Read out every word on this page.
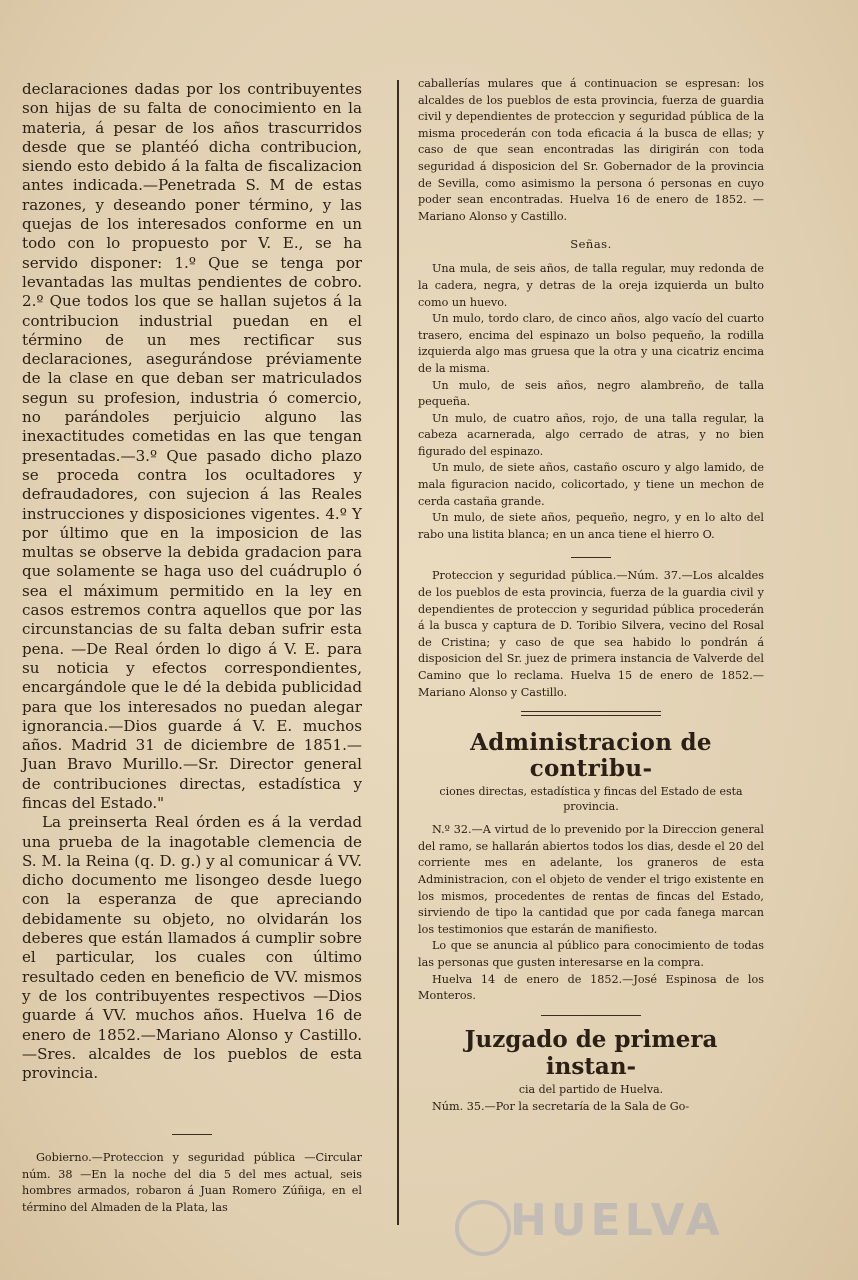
declaraciones dadas por los contribuyentes son hijas de su falta de conocimiento en la materia, á pesar de los años trascurridos desde que se plantéó dicha contribucion, siendo esto debido á la falta de fiscalizacion antes indicada.—Penetrada S. M de estas razones, y deseando poner término, y las quejas de los interesados conforme en un todo con lo propuesto por V. E., se ha servido disponer: 1.º Que se tenga por levantadas las multas pendientes de cobro. 2.º Que todos los que se hallan sujetos á la contribucion industrial puedan en el término de un mes rectificar sus declaraciones, asegurándose préviamente de la clase en que deban ser matriculados segun su profesion, industria ó comercio, no parándoles perjuicio alguno las inexactitudes cometidas en las que tengan presentadas.—3.º Que pasado dicho plazo se proceda contra los ocultadores y defraudadores, con sujecion á las Reales instrucciones y disposiciones vigentes. 4.º Y por último que en la imposicion de las multas se observe la debida gradacion para que solamente se haga uso del cuádruplo ó sea el máximum permitido en la ley en casos estremos contra aquellos que por las circunstancias de su falta deban sufrir esta pena. —De Real órden lo digo á V. E. para su noticia y efectos correspondientes, encargándole que le dé la debida publicidad para que los interesados no puedan alegar ignorancia.—Dios guarde á V. E. muchos años. Madrid 31 de diciembre de 1851.—Juan Bravo Murillo.—Sr. Director general de contribuciones directas, estadística y fincas del Estado."

La preinserta Real órden es á la verdad una prueba de la inagotable clemencia de S. M. la Reina (q. D. g.) y al comunicar á VV. dicho documento me lisongeo desde luego con la esperanza de que apreciando debidamente su objeto, no olvidarán los deberes que están llamados á cumplir sobre el particular, los cuales con último resultado ceden en beneficio de VV. mismos y de los contribuyentes respectivos —Dios guarde á VV. muchos años. Huelva 16 de enero de 1852.—Mariano Alonso y Castillo.—Sres. alcaldes de los pueblos de esta provincia.

Gobierno.—Proteccion y seguridad pública —Circular núm. 38 —En la noche del dia 5 del mes actual, seis hombres armados, robaron á Juan Romero Zúñiga, en el término del Almaden de la Plata, las

caballerías mulares que á continuacion se espresan: los alcaldes de los pueblos de esta provincia, fuerza de guardia civil y dependientes de proteccion y seguridad pública de la misma procederán con toda eficacia á la busca de ellas; y caso de que sean encontradas las dirigirán con toda seguridad á disposicion del Sr. Gobernador de la provincia de Sevilla, como asimismo la persona ó personas en cuyo poder sean encontradas. Huelva 16 de enero de 1852. —Mariano Alonso y Castillo.

Señas.

Una mula, de seis años, de talla regular, muy redonda de la cadera, negra, y detras de la oreja izquierda un bulto como un huevo.

Un mulo, tordo claro, de cinco años, algo vacío del cuarto trasero, encima del espinazo un bolso pequeño, la rodilla izquierda algo mas gruesa que la otra y una cicatriz encima de la misma.

Un mulo, de seis años, negro alambreño, de talla pequeña.

Un mulo, de cuatro años, rojo, de una talla regular, la cabeza acarnerada, algo cerrado de atras, y no bien figurado del espinazo.

Un mulo, de siete años, castaño oscuro y algo lamido, de mala figuracion nacido, colicortado, y tiene un mechon de cerda castaña grande.

Un mulo, de siete años, pequeño, negro, y en lo alto del rabo una listita blanca; en un anca tiene el hierro O.

Proteccion y seguridad pública.—Núm. 37.—Los alcaldes de los pueblos de esta provincia, fuerza de la guardia civil y dependientes de proteccion y seguridad pública procederán á la busca y captura de D. Toribio Silvera, vecino del Rosal de Cristina; y caso de que sea habido lo pondrán á disposicion del Sr. juez de primera instancia de Valverde del Camino que lo reclama. Huelva 15 de enero de 1852.—Mariano Alonso y Castillo.

Administracion de contribu-
ciones directas, estadística y fincas del Estado de esta provincia.

N.º 32.—A virtud de lo prevenido por la Direccion general del ramo, se hallarán abiertos todos los dias, desde el 20 del corriente mes en adelante, los graneros de esta Administracion, con el objeto de vender el trigo existente en los mismos, procedentes de rentas de fincas del Estado, sirviendo de tipo la cantidad que por cada fanega marcan los testimonios que estarán de manifiesto.

Lo que se anuncia al público para conocimiento de todas las personas que gusten interesarse en la compra.

Huelva 14 de enero de 1852.—José Espinosa de los Monteros.

Juzgado de primera instan-
cia del partido de Huelva.

Núm. 35.—Por la secretaría de la Sala de Go-

HUELVA
